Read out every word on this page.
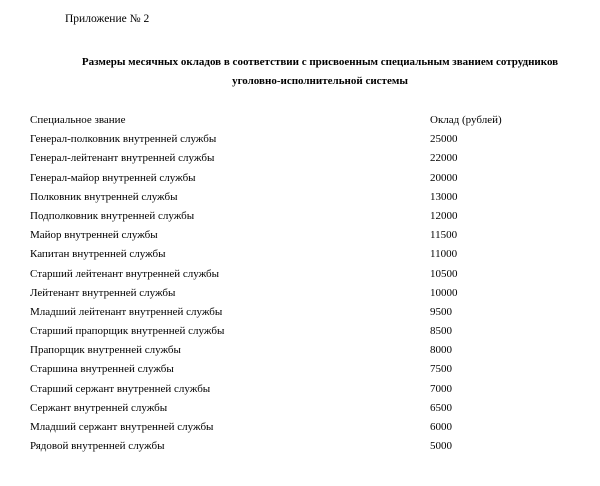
Приложение № 2
Размеры месячных окладов в соответствии с присвоенным специальным званием сотрудников
уголовно-исполнительной системы
Специальное звание	Оклад (рублей)
Генерал-полковник внутренней службы	25000
Генерал-лейтенант внутренней службы	22000
Генерал-майор внутренней службы	20000
Полковник внутренней службы	13000
Подполковник внутренней службы	12000
Майор внутренней службы	11500
Капитан внутренней службы	11000
Старший лейтенант внутренней службы	10500
Лейтенант внутренней службы	10000
Младший лейтенант внутренней службы	9500
Старший прапорщик внутренней службы	8500
Прапорщик внутренней службы	8000
Старшина внутренней службы	7500
Старший сержант внутренней службы	7000
Сержант внутренней службы	6500
Младший сержант внутренней службы	6000
Рядовой внутренней службы	5000
